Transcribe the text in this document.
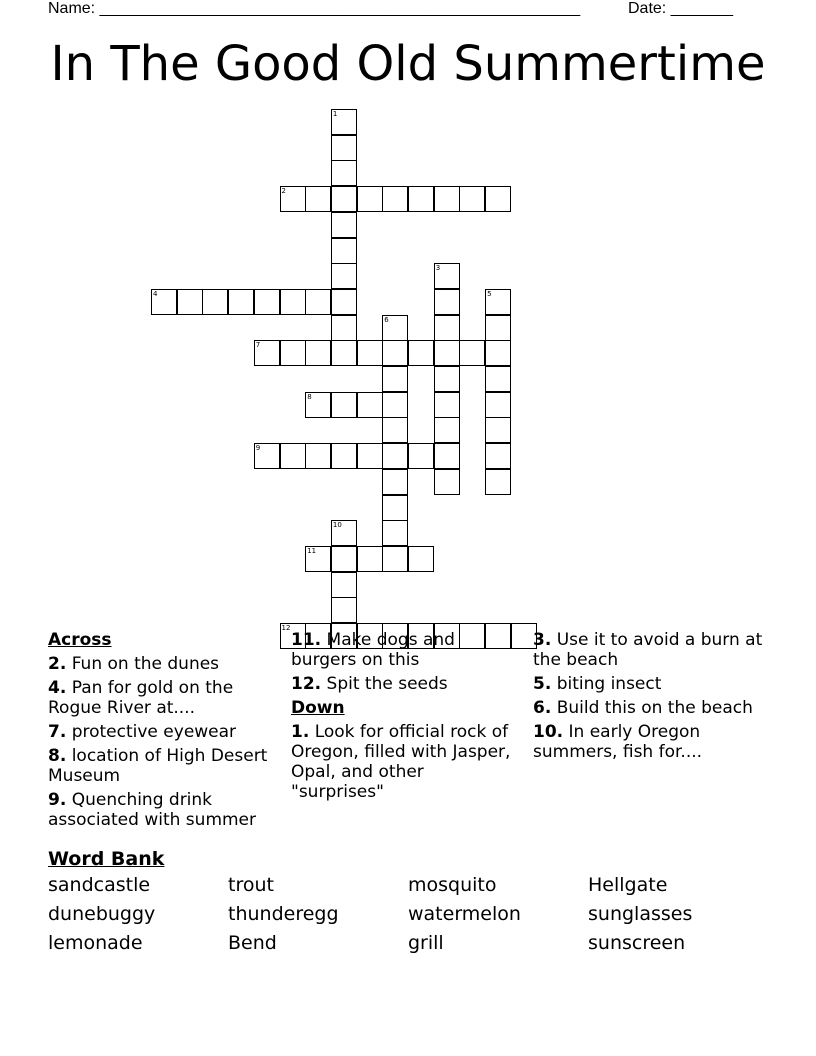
Name: ______________________________________________________	Date: _______
In The Good Old Summertime
1
2
3
4	5
6
7
8
9
10
11
12
Across
2. Fun on the dunes
4. Pan for gold on the Rogue River at....
7. protective eyewear
8. location of High Desert Museum
9. Quenching drink associated with summer
11. Make dogs and burgers on this
12. Spit the seeds
Down
1. Look for official rock of Oregon, filled with Jasper, Opal, and other "surprises"
3. Use it to avoid a burn at the beach
5. biting insect
6. Build this on the beach
10. In early Oregon summers, fish for....
Word Bank
sandcastle	trout	mosquito	Hellgate
dunebuggy	thunderegg	watermelon	sunglasses
lemonade	Bend	grill	sunscreen
